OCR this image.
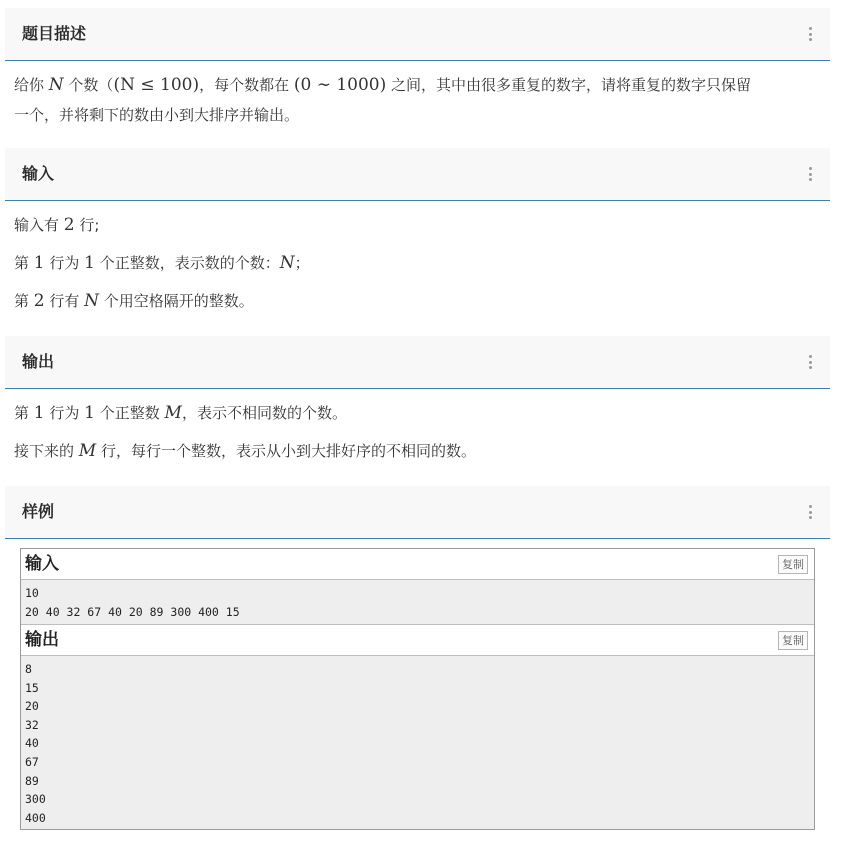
题目描述
给你 N 个数（(N ≤ 100)，每个数都在 (0 ∼ 1000) 之间，其中由很多重复的数字，请将重复的数字只保留
一个，并将剩下的数由小到大排序并输出。
输入
输入有 2 行;
第 1 行为 1 个正整数，表示数的个数：N；
第 2 行有 N 个用空格隔开的整数。
输出
第 1 行为 1 个正整数 M，表示不相同数的个数。
接下来的 M 行，每行一个整数，表示从小到大排好序的不相同的数。
样例
输入	复制
10
20 40 32 67 40 20 89 300 400 15
输出	复制
8
15
20
32
40
67
89
300
400
